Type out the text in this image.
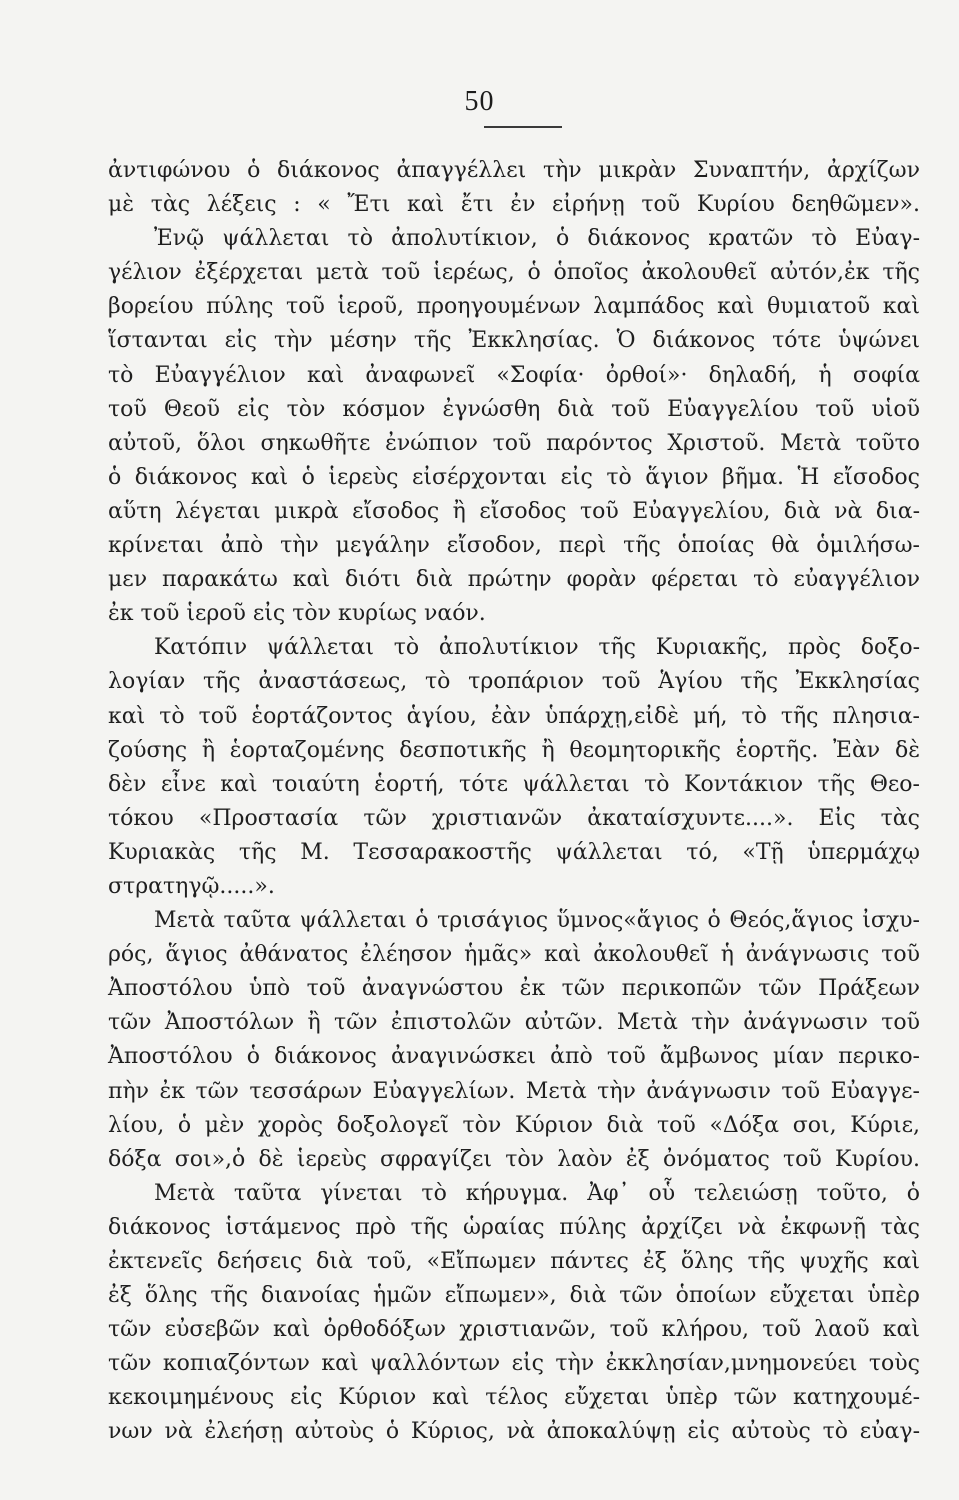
50
ἀντιφώνου ὁ διάκονος ἀπαγγέλλει τὴν μικρὰν Συναπτήν, ἀρχίζων
μὲ τὰς λέξεις : « Ἔτι καὶ ἔτι ἐν εἰρήνῃ τοῦ Κυρίου δεηθῶμεν».
Ἐνῷ ψάλλεται τὸ ἀπολυτίκιον, ὁ διάκονος κρατῶν τὸ Εὐαγ-
γέλιον ἐξέρχεται μετὰ τοῦ ἱερέως, ὁ ὁποῖος ἀκολουθεῖ αὐτόν,ἐκ τῆς
βορείου πύλης τοῦ ἱεροῦ, προηγουμένων λαμπάδος καὶ θυμιατοῦ καὶ
ἵστανται εἰς τὴν μέσην τῆς Ἐκκλησίας. Ὁ διάκονος τότε ὑψώνει
τὸ Εὐαγγέλιον καὶ ἀναφωνεῖ «Σοφία· ὀρθοί»· δηλαδή, ἡ σοφία
τοῦ Θεοῦ εἰς τὸν κόσμον ἐγνώσθη διὰ τοῦ Εὐαγγελίου τοῦ υἱοῦ
αὐτοῦ, ὅλοι σηκωθῆτε ἐνώπιον τοῦ παρόντος Χριστοῦ. Μετὰ τοῦτο
ὁ διάκονος καὶ ὁ ἱερεὺς εἰσέρχονται εἰς τὸ ἅγιον βῆμα. Ἡ εἴσοδος
αὕτη λέγεται μικρὰ εἴσοδος ἢ εἴσοδος τοῦ Εὐαγγελίου, διὰ νὰ δια-
κρίνεται ἀπὸ τὴν μεγάλην εἴσοδον, περὶ τῆς ὁποίας θὰ ὁμιλήσω-
μεν παρακάτω καὶ διότι διὰ πρώτην φορὰν φέρεται τὸ εὐαγγέλιον
ἐκ τοῦ ἱεροῦ εἰς τὸν κυρίως ναόν.
Κατόπιν ψάλλεται τὸ ἀπολυτίκιον τῆς Κυριακῆς, πρὸς δοξο-
λογίαν τῆς ἀναστάσεως, τὸ τροπάριον τοῦ Ἁγίου τῆς Ἐκκλησίας
καὶ τὸ τοῦ ἑορτάζοντος ἁγίου, ἐὰν ὑπάρχῃ,εἰδὲ μή, τὸ τῆς πλησια-
ζούσης ἢ ἑορταζομένης δεσποτικῆς ἢ θεομητορικῆς ἑορτῆς. Ἐὰν δὲ
δὲν εἶνε καὶ τοιαύτη ἑορτή, τότε ψάλλεται τὸ Κοντάκιον τῆς Θεο-
τόκου «Προστασία τῶν χριστιανῶν ἀκαταίσχυντε....». Εἰς τὰς
Κυριακὰς τῆς Μ. Τεσσαρακοστῆς ψάλλεται τό, «Τῇ ὑπερμάχῳ
στρατηγῷ.....».
Μετὰ ταῦτα ψάλλεται ὁ τρισάγιος ὕμνος«ἅγιος ὁ Θεός,ἅγιος ἰσχυ-
ρός, ἅγιος ἀθάνατος ἐλέησον ἡμᾶς» καὶ ἀκολουθεῖ ἡ ἀνάγνωσις τοῦ
Ἀποστόλου ὑπὸ τοῦ ἀναγνώστου ἐκ τῶν περικοπῶν τῶν Πράξεων
τῶν Ἀποστόλων ἢ τῶν ἐπιστολῶν αὐτῶν. Μετὰ τὴν ἀνάγνωσιν τοῦ
Ἀποστόλου ὁ διάκονος ἀναγινώσκει ἀπὸ τοῦ ἄμβωνος μίαν περικο-
πὴν ἐκ τῶν τεσσάρων Εὐαγγελίων. Μετὰ τὴν ἀνάγνωσιν τοῦ Εὐαγγε-
λίου, ὁ μὲν χορὸς δοξολογεῖ τὸν Κύριον διὰ τοῦ «Δόξα σοι, Κύριε,
δόξα σοι»,ὁ δὲ ἱερεὺς σφραγίζει τὸν λαὸν ἐξ ὀνόματος τοῦ Κυρίου.
Μετὰ ταῦτα γίνεται τὸ κήρυγμα. Ἀφ᾽ οὗ τελειώσῃ τοῦτο, ὁ
διάκονος ἱστάμενος πρὸ τῆς ὡραίας πύλης ἀρχίζει νὰ ἐκφωνῇ τὰς
ἐκτενεῖς δεήσεις διὰ τοῦ, «Εἴπωμεν πάντες ἐξ ὅλης τῆς ψυχῆς καὶ
ἐξ ὅλης τῆς διανοίας ἡμῶν εἴπωμεν», διὰ τῶν ὁποίων εὔχεται ὑπὲρ
τῶν εὐσεβῶν καὶ ὀρθοδόξων χριστιανῶν, τοῦ κλήρου, τοῦ λαοῦ καὶ
τῶν κοπιαζόντων καὶ ψαλλόντων εἰς τὴν ἐκκλησίαν,μνημονεύει τοὺς
κεκοιμημένους εἰς Κύριον καὶ τέλος εὔχεται ὑπὲρ τῶν κατηχουμέ-
νων νὰ ἐλεήσῃ αὐτοὺς ὁ Κύριος, νὰ ἀποκαλύψῃ εἰς αὐτοὺς τὸ εὐαγ-
